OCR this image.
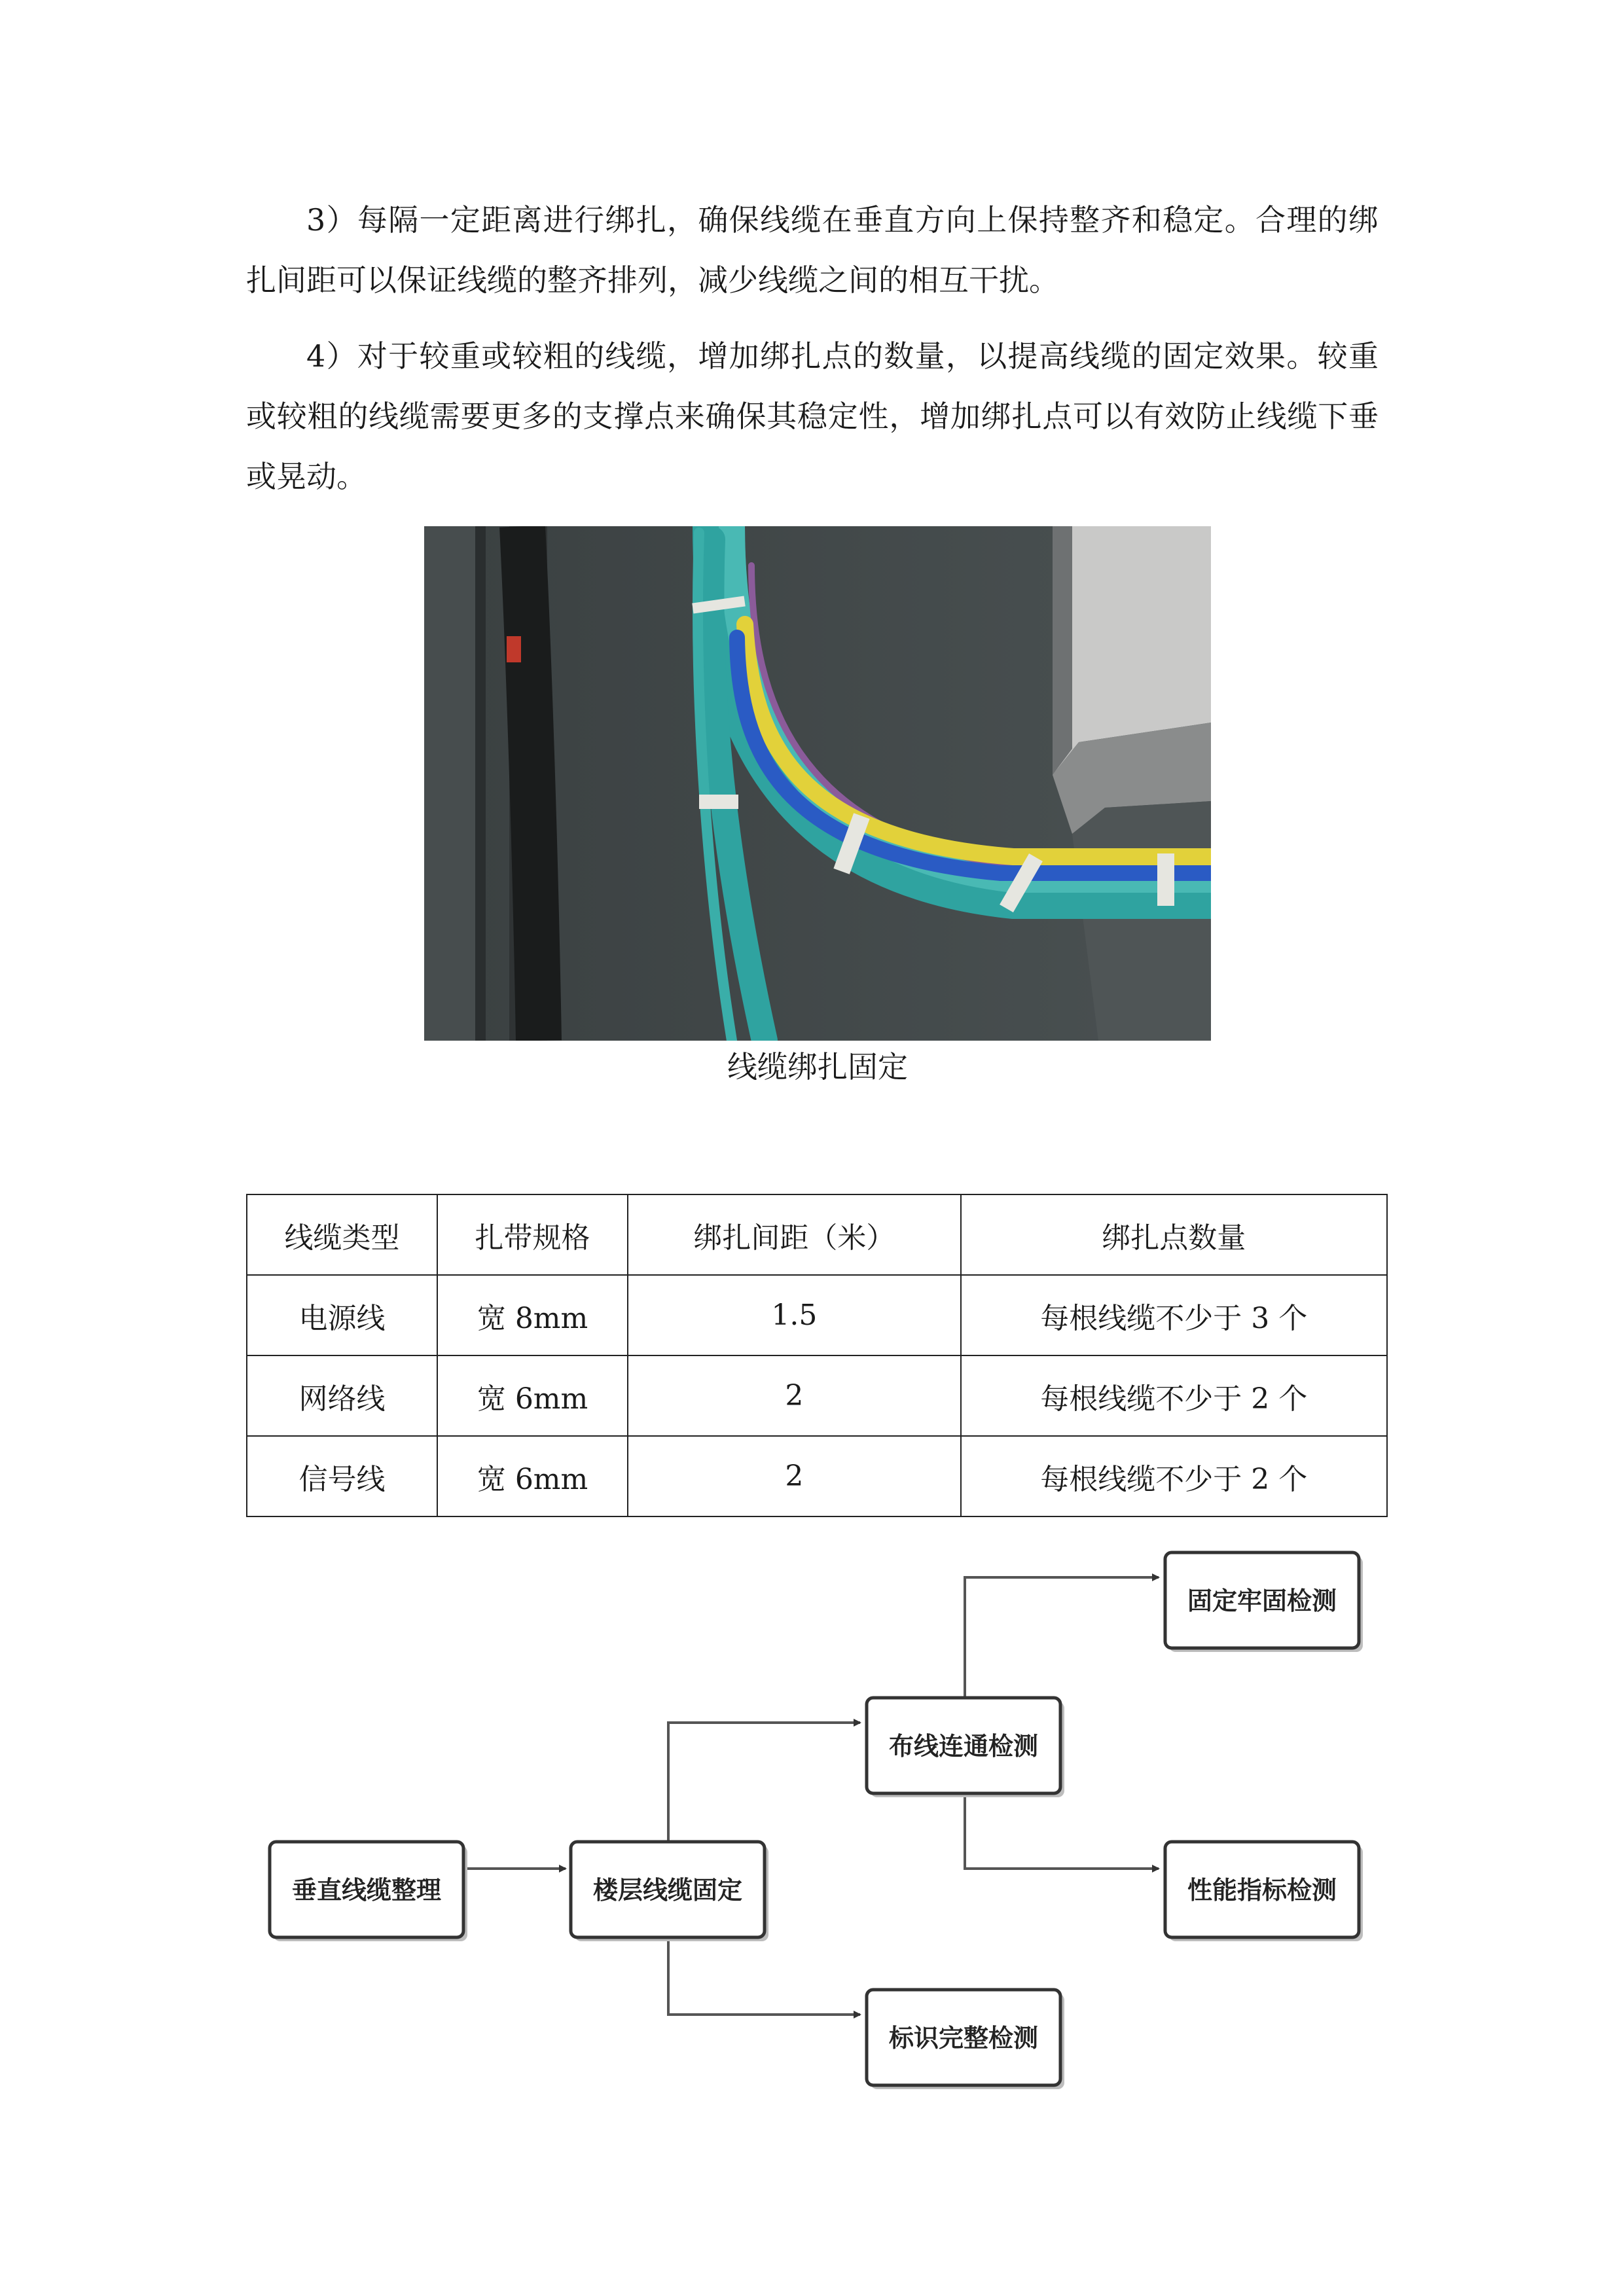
3）每隔一定距离进行绑扎，确保线缆在垂直方向上保持整齐和稳定。合理的绑扎间距可以保证线缆的整齐排列，减少线缆之间的相互干扰。

4）对于较重或较粗的线缆，增加绑扎点的数量，以提高线缆的固定效果。较重或较粗的线缆需要更多的支撑点来确保其稳定性，增加绑扎点可以有效防止线缆下垂或晃动。

线缆绑扎固定
线缆类型	扎带规格	绑扎间距（米）	绑扎点数量
电源线	宽 8mm	1.5	每根线缆不少于 3 个
网络线	宽 6mm	2	每根线缆不少于 2 个
信号线	宽 6mm	2	每根线缆不少于 2 个
垂直线缆整理	楼层线缆固定
布线连通检测
标识完整检测
固定牢固检测
性能指标检测
